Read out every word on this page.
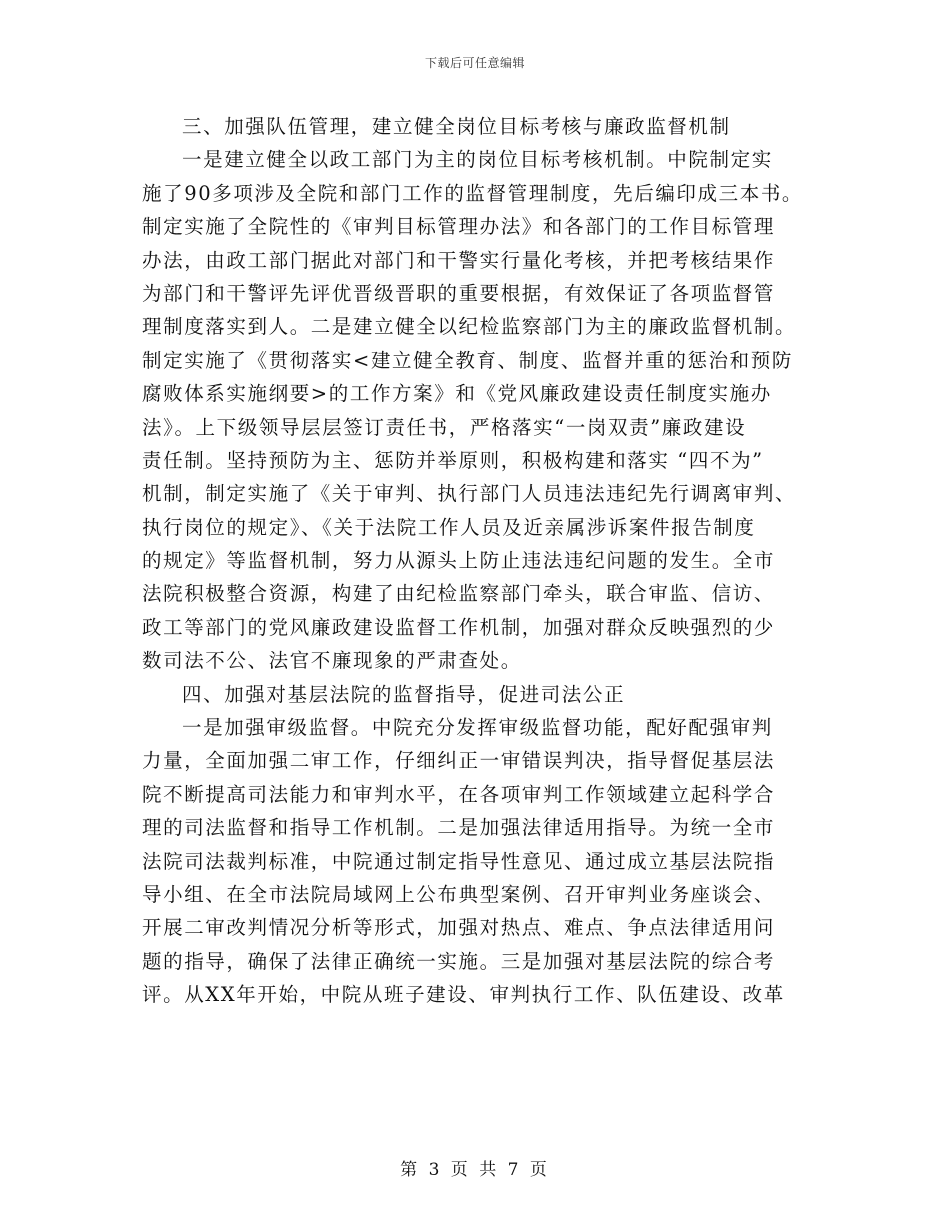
下载后可任意编辑
三、加强队伍管理，建立健全岗位目标考核与廉政监督机制
一是建立健全以政工部门为主的岗位目标考核机制。中院制定实
施了90多项涉及全院和部门工作的监督管理制度，先后编印成三本书。
制定实施了全院性的《审判目标管理办法》和各部门的工作目标管理
办法，由政工部门据此对部门和干警实行量化考核，并把考核结果作
为部门和干警评先评优晋级晋职的重要根据，有效保证了各项监督管
理制度落实到人。二是建立健全以纪检监察部门为主的廉政监督机制。
制定实施了《贯彻落实<建立健全教育、制度、监督并重的惩治和预防
腐败体系实施纲要>的工作方案》和《党风廉政建设责任制度实施办
法》。上下级领导层层签订责任书，严格落实“一岗双责”廉政建设
责任制。坚持预防为主、惩防并举原则，积极构建和落实 “四不为”
机制，制定实施了《关于审判、执行部门人员违法违纪先行调离审判、
执行岗位的规定》、《关于法院工作人员及近亲属涉诉案件报告制度
的规定》等监督机制，努力从源头上防止违法违纪问题的发生。全市
法院积极整合资源，构建了由纪检监察部门牵头，联合审监、信访、
政工等部门的党风廉政建设监督工作机制，加强对群众反映强烈的少
数司法不公、法官不廉现象的严肃查处。
四、加强对基层法院的监督指导，促进司法公正
一是加强审级监督。中院充分发挥审级监督功能，配好配强审判
力量，全面加强二审工作，仔细纠正一审错误判决，指导督促基层法
院不断提高司法能力和审判水平，在各项审判工作领域建立起科学合
理的司法监督和指导工作机制。二是加强法律适用指导。为统一全市
法院司法裁判标准，中院通过制定指导性意见、通过成立基层法院指
导小组、在全市法院局域网上公布典型案例、召开审判业务座谈会、
开展二审改判情况分析等形式，加强对热点、难点、争点法律适用问
题的指导，确保了法律正确统一实施。三是加强对基层法院的综合考
评。从XX年开始，中院从班子建设、审判执行工作、队伍建设、改革
第 3 页 共 7 页
